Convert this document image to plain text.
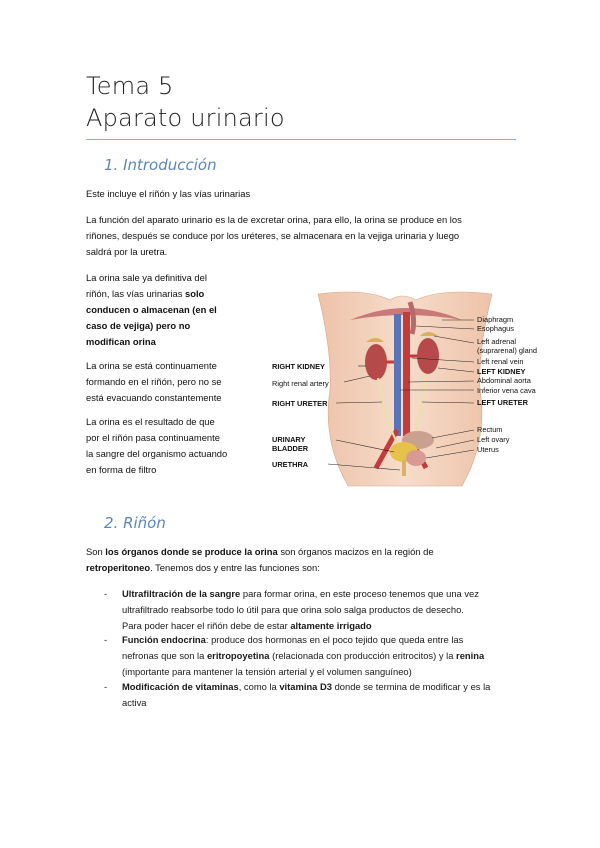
Tema 5
Aparato urinario
1. Introducción
Este incluye el riñón y las vías urinarias
La función del aparato urinario es la de excretar orina, para ello, la orina se produce en los
riñones, después se conduce por los uréteres, se almacenara en la vejiga urinaria y luego
saldrá por la uretra.
La orina sale ya definitiva del
riñón, las vías urinarias solo
conducen o almacenan (en el
caso de vejiga) pero no
modifican orina
La orina se está continuamente
formando en el riñón, pero no se
está evacuando constantemente
La orina es el resultado de que
por el riñón pasa continuamente
la sangre del organismo actuando
en forma de filtro
RIGHT KIDNEY
Right renal artery
RIGHT URETER
URINARY
BLADDER
URETHRA
Diaphragm
Esophagus
Left adrenal
(suprarenal) gland
Left renal vein
LEFT KIDNEY
Abdominal aorta
Inferior vena cava
LEFT URETER
Rectum
Left ovary
Uterus
2. Riñón
Son los órganos donde se produce la orina son órganos macizos en la región de
retroperitoneo. Tenemos dos y entre las funciones son:
- Ultrafiltración de la sangre para formar orina, en este proceso tenemos que una vez
ultrafiltrado reabsorbe todo lo útil para que orina solo salga productos de desecho.
Para poder hacer el riñón debe de estar altamente irrigado
- Función endocrina: produce dos hormonas en el poco tejido que queda entre las
nefronas que son la eritropoyetina (relacionada con producción eritrocitos) y la renina
(importante para mantener la tensión arterial y el volumen sanguíneo)
- Modificación de vitaminas, como la vitamina D3 donde se termina de modificar y es la
activa
